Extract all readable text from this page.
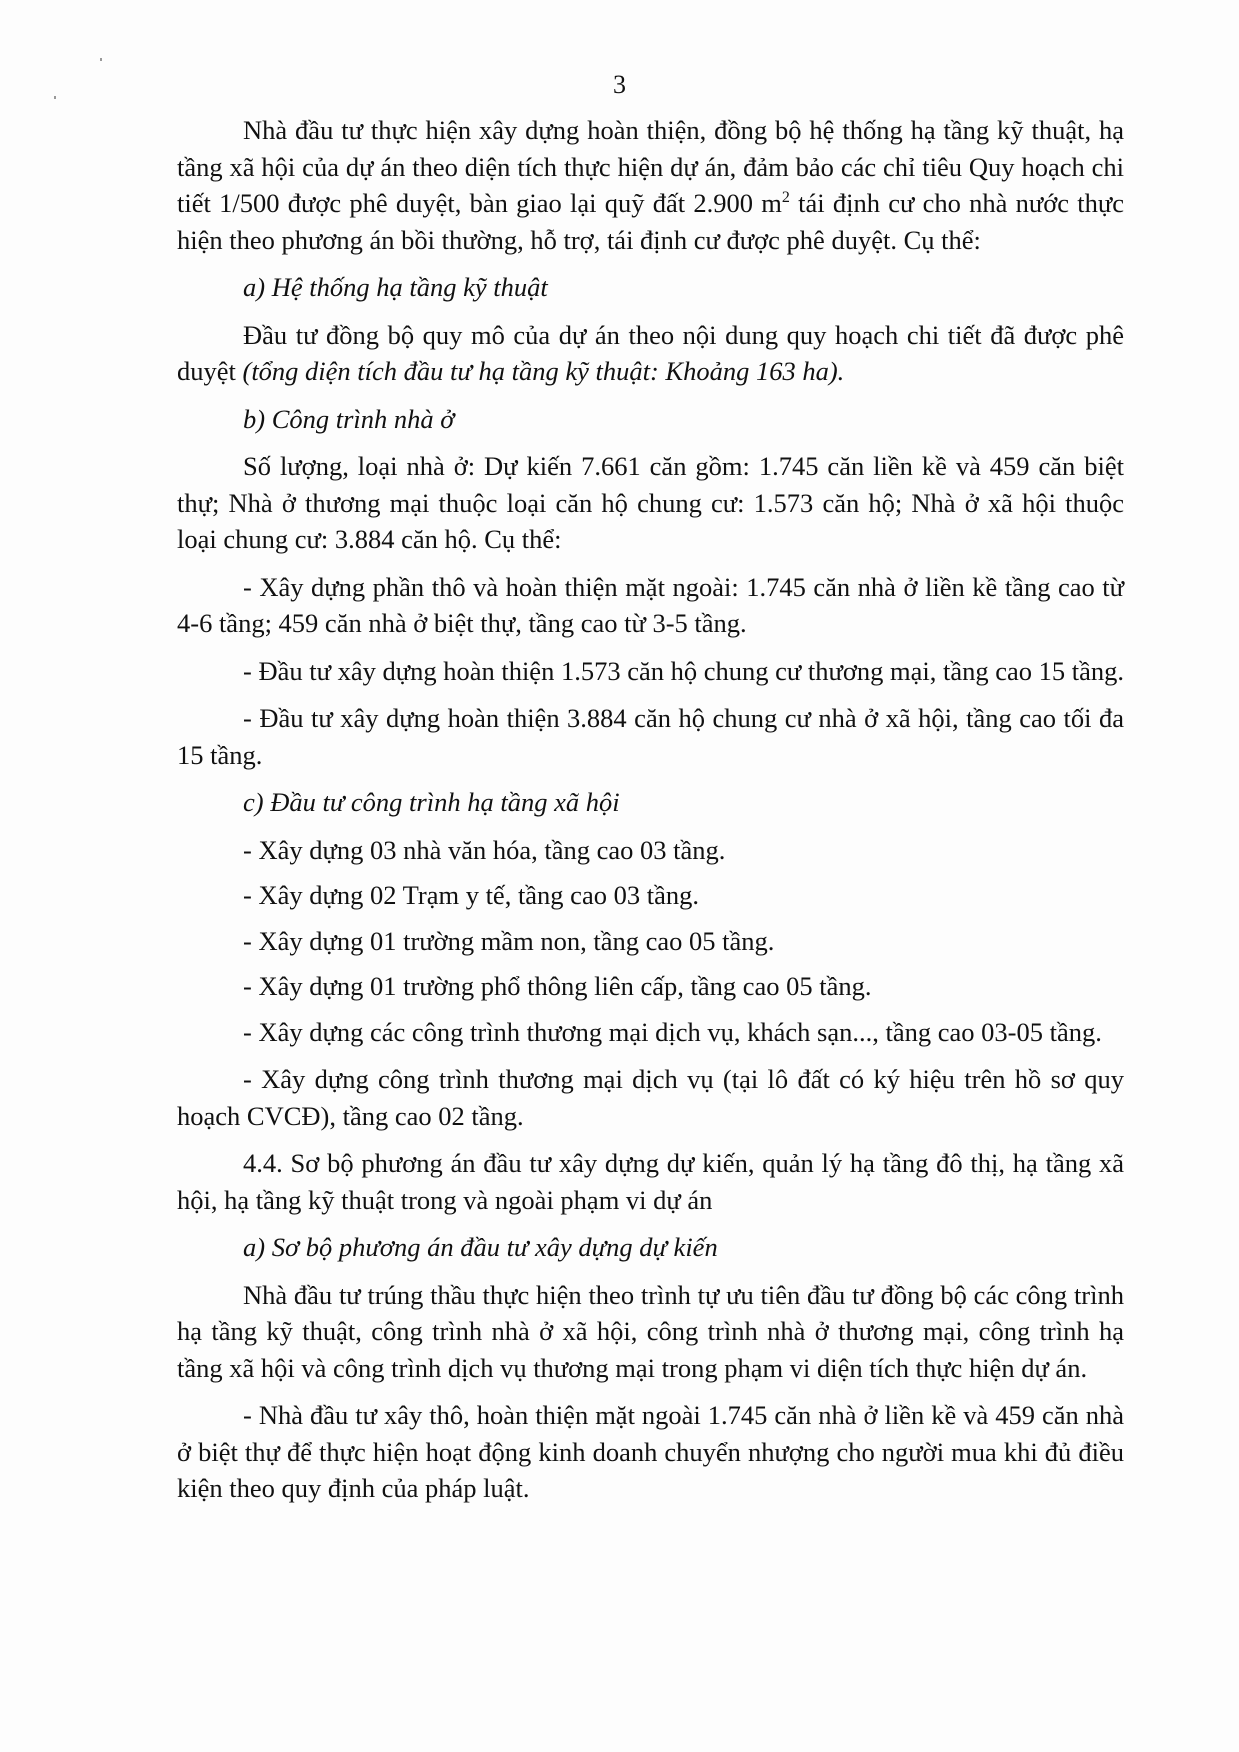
3

Nhà đầu tư thực hiện xây dựng hoàn thiện, đồng bộ hệ thống hạ tầng kỹ thuật, hạ tầng xã hội của dự án theo diện tích thực hiện dự án, đảm bảo các chỉ tiêu Quy hoạch chi tiết 1/500 được phê duyệt, bàn giao lại quỹ đất 2.900 $m^2$ tái định cư cho nhà nước thực hiện theo phương án bồi thường, hỗ trợ, tái định cư được phê duyệt. Cụ thể:

a) Hệ thống hạ tầng kỹ thuật

Đầu tư đồng bộ quy mô của dự án theo nội dung quy hoạch chi tiết đã được phê duyệt (tổng diện tích đầu tư hạ tầng kỹ thuật: Khoảng 163 ha).

b) Công trình nhà ở

Số lượng, loại nhà ở: Dự kiến 7.661 căn gồm: 1.745 căn liền kề và 459 căn biệt thự; Nhà ở thương mại thuộc loại căn hộ chung cư: 1.573 căn hộ; Nhà ở xã hội thuộc loại chung cư: 3.884 căn hộ. Cụ thể:

- Xây dựng phần thô và hoàn thiện mặt ngoài: 1.745 căn nhà ở liền kề tầng cao từ 4-6 tầng; 459 căn nhà ở biệt thự, tầng cao từ 3-5 tầng.

- Đầu tư xây dựng hoàn thiện 1.573 căn hộ chung cư thương mại, tầng cao 15 tầng.

- Đầu tư xây dựng hoàn thiện 3.884 căn hộ chung cư nhà ở xã hội, tầng cao tối đa 15 tầng.

c) Đầu tư công trình hạ tầng xã hội

- Xây dựng 03 nhà văn hóa, tầng cao 03 tầng.

- Xây dựng 02 Trạm y tế, tầng cao 03 tầng.

- Xây dựng 01 trường mầm non, tầng cao 05 tầng.

- Xây dựng 01 trường phổ thông liên cấp, tầng cao 05 tầng.

- Xây dựng các công trình thương mại dịch vụ, khách sạn..., tầng cao 03-05 tầng.

- Xây dựng công trình thương mại dịch vụ (tại lô đất có ký hiệu trên hồ sơ quy hoạch CVCĐ), tầng cao 02 tầng.

4.4. Sơ bộ phương án đầu tư xây dựng dự kiến, quản lý hạ tầng đô thị, hạ tầng xã hội, hạ tầng kỹ thuật trong và ngoài phạm vi dự án

a) Sơ bộ phương án đầu tư xây dựng dự kiến

Nhà đầu tư trúng thầu thực hiện theo trình tự ưu tiên đầu tư đồng bộ các công trình hạ tầng kỹ thuật, công trình nhà ở xã hội, công trình nhà ở thương mại, công trình hạ tầng xã hội và công trình dịch vụ thương mại trong phạm vi diện tích thực hiện dự án.

- Nhà đầu tư xây thô, hoàn thiện mặt ngoài 1.745 căn nhà ở liền kề và 459 căn nhà ở biệt thự để thực hiện hoạt động kinh doanh chuyển nhượng cho người mua khi đủ điều kiện theo quy định của pháp luật.
